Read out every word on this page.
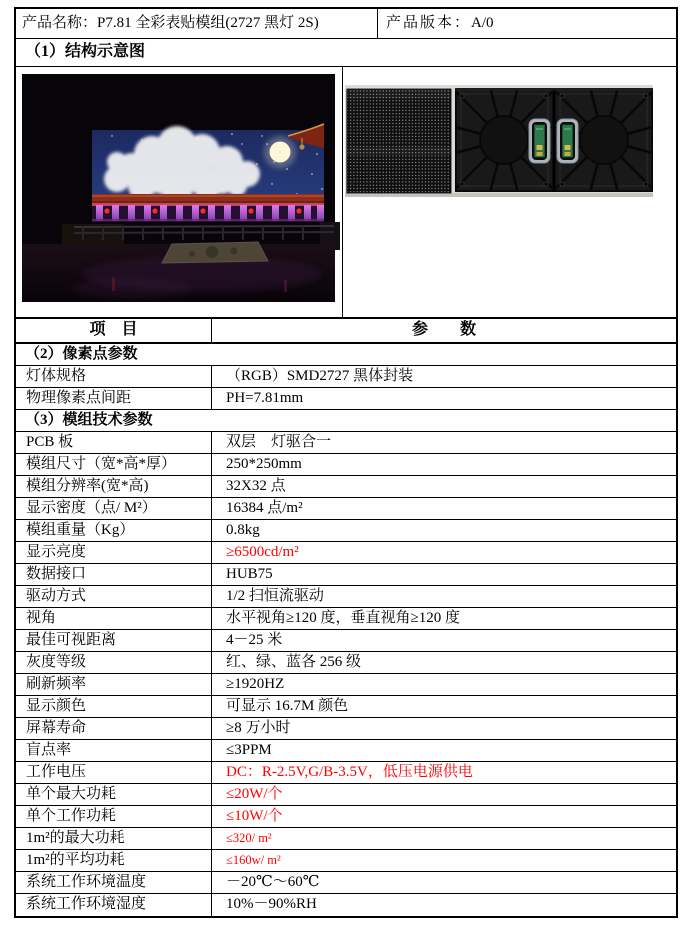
产品名称：P7.81 全彩表贴模组(2727 黑灯 2S)	产品版本：A/0
（1）结构示意图
项　目	参　　数
（2）像素点参数
灯体规格	（RGB）SMD2727 黑体封装
物理像素点间距	PH=7.81mm
（3）模组技术参数
PCB 板	双层　灯驱合一
模组尺寸（宽*高*厚）	250*250mm
模组分辨率(宽*高)	32X32 点
显示密度（点/ M²）	16384 点/m²
模组重量（Kg）	0.8kg
显示亮度	≥6500cd/m²
数据接口	HUB75
驱动方式	1/2 扫恒流驱动
视角	水平视角≥120 度，垂直视角≥120 度
最佳可视距离	4－25 米
灰度等级	红、绿、蓝各 256 级
刷新频率	≥1920HZ
显示颜色	可显示 16.7M 颜色
屏幕寿命	≥8 万小时
盲点率	≤3PPM
工作电压	DC：R-2.5V,G/B-3.5V，低压电源供电
单个最大功耗	≤20W/个
单个工作功耗	≤10W/个
1m²的最大功耗	≤320/ m²
1m²的平均功耗	≤160w/ m²
系统工作环境温度	－20℃～60℃
系统工作环境湿度	10%－90%RH
